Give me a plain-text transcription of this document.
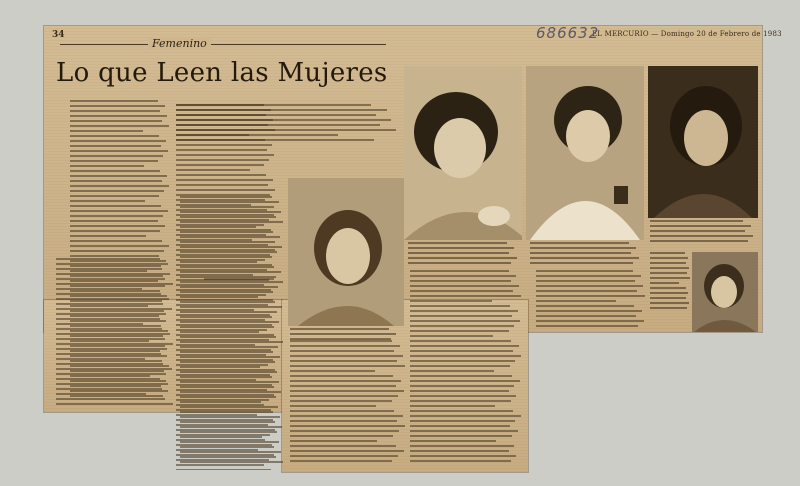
34	EL MERCURIO — Domingo 20 de Febrero de 1983
686632
Femenino
Lo que Leen las Mujeres
